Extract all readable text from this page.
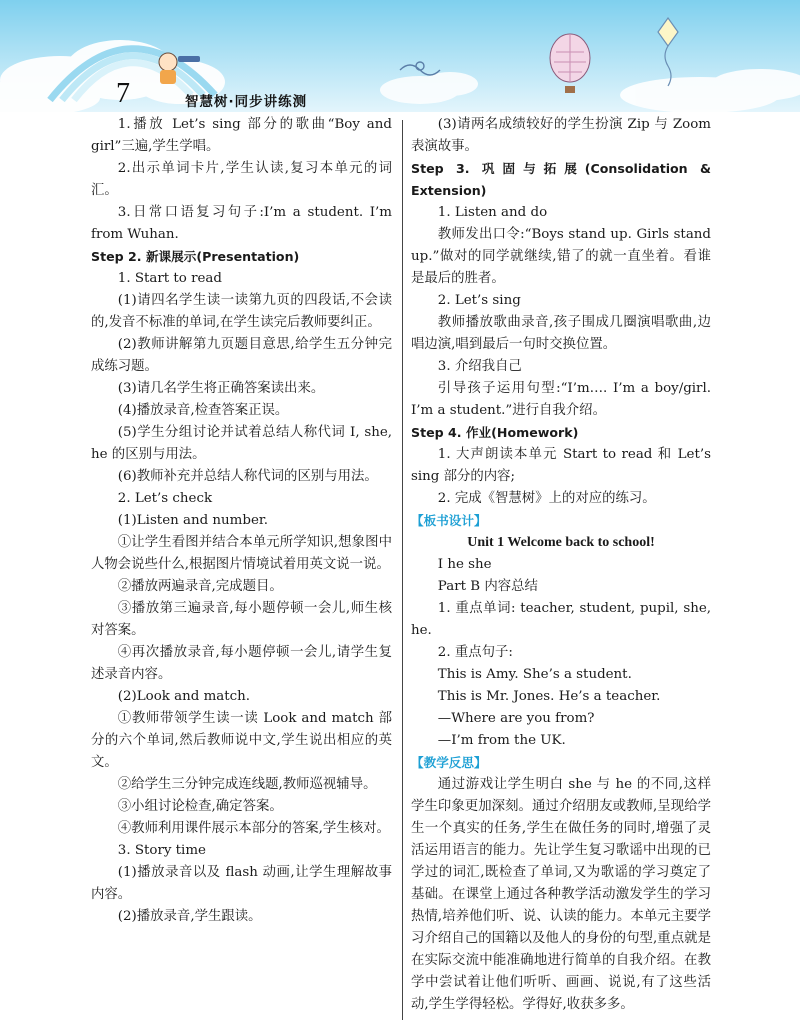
7	智慧树·同步讲练测

1.播放 Let’s sing 部分的歌曲“Boy and girl”三遍,学生学唱。

2.出示单词卡片,学生认读,复习本单元的词汇。

3.日常口语复习句子:I’m a student. I’m from Wuhan.

Step 2. 新课展示(Presentation)

1. Start to read

(1)请四名学生读一读第九页的四段话,不会读的,发音不标准的单词,在学生读完后教师要纠正。

(2)教师讲解第九页题目意思,给学生五分钟完成练习题。

(3)请几名学生将正确答案读出来。

(4)播放录音,检查答案正误。

(5)学生分组讨论并试着总结人称代词 I, she, he 的区别与用法。

(6)教师补充并总结人称代词的区别与用法。

2. Let’s check

(1)Listen and number.

①让学生看图并结合本单元所学知识,想象图中人物会说些什么,根据图片情境试着用英文说一说。

②播放两遍录音,完成题目。

③播放第三遍录音,每小题停顿一会儿,师生核对答案。

④再次播放录音,每小题停顿一会儿,请学生复述录音内容。

(2)Look and match.

①教师带领学生读一读 Look and match 部分的六个单词,然后教师说中文,学生说出相应的英文。

②给学生三分钟完成连线题,教师巡视辅导。

③小组讨论检查,确定答案。

④教师利用课件展示本部分的答案,学生核对。

3. Story time

(1)播放录音以及 flash 动画,让学生理解故事内容。

(2)播放录音,学生跟读。

(3)请两名成绩较好的学生扮演 Zip 与 Zoom 表演故事。

Step 3. 巩固与拓展(Consolidation & Extension)

1. Listen and do

教师发出口令:“Boys stand up. Girls stand up.”做对的同学就继续,错了的就一直坐着。看谁是最后的胜者。

2. Let’s sing

教师播放歌曲录音,孩子围成几圈演唱歌曲,边唱边演,唱到最后一句时交换位置。

3. 介绍我自己

引导孩子运用句型:“I’m…. I’m a boy/girl. I’m a student.”进行自我介绍。

Step 4. 作业(Homework)

1. 大声朗读本单元 Start to read 和 Let’s sing 部分的内容;

2. 完成《智慧树》上的对应的练习。

【板书设计】

Unit 1 Welcome back to school!

I he she

Part B 内容总结

1. 重点单词: teacher, student, pupil, she, he.

2. 重点句子:

This is Amy. She’s a student.

This is Mr. Jones. He’s a teacher.

—Where are you from?

—I’m from the UK.

【教学反思】

通过游戏让学生明白 she 与 he 的不同,这样学生印象更加深刻。通过介绍朋友或教师,呈现给学生一个真实的任务,学生在做任务的同时,增强了灵活运用语言的能力。先让学生复习歌谣中出现的已学过的词汇,既检查了单词,又为歌谣的学习奠定了基础。在课堂上通过各种教学活动激发学生的学习热情,培养他们听、说、认读的能力。本单元主要学习介绍自己的国籍以及他人的身份的句型,重点就是在实际交流中能准确地进行简单的自我介绍。在教学中尝试着让他们听听、画画、说说,有了这些活动,学生学得轻松。学得好,收获多多。
